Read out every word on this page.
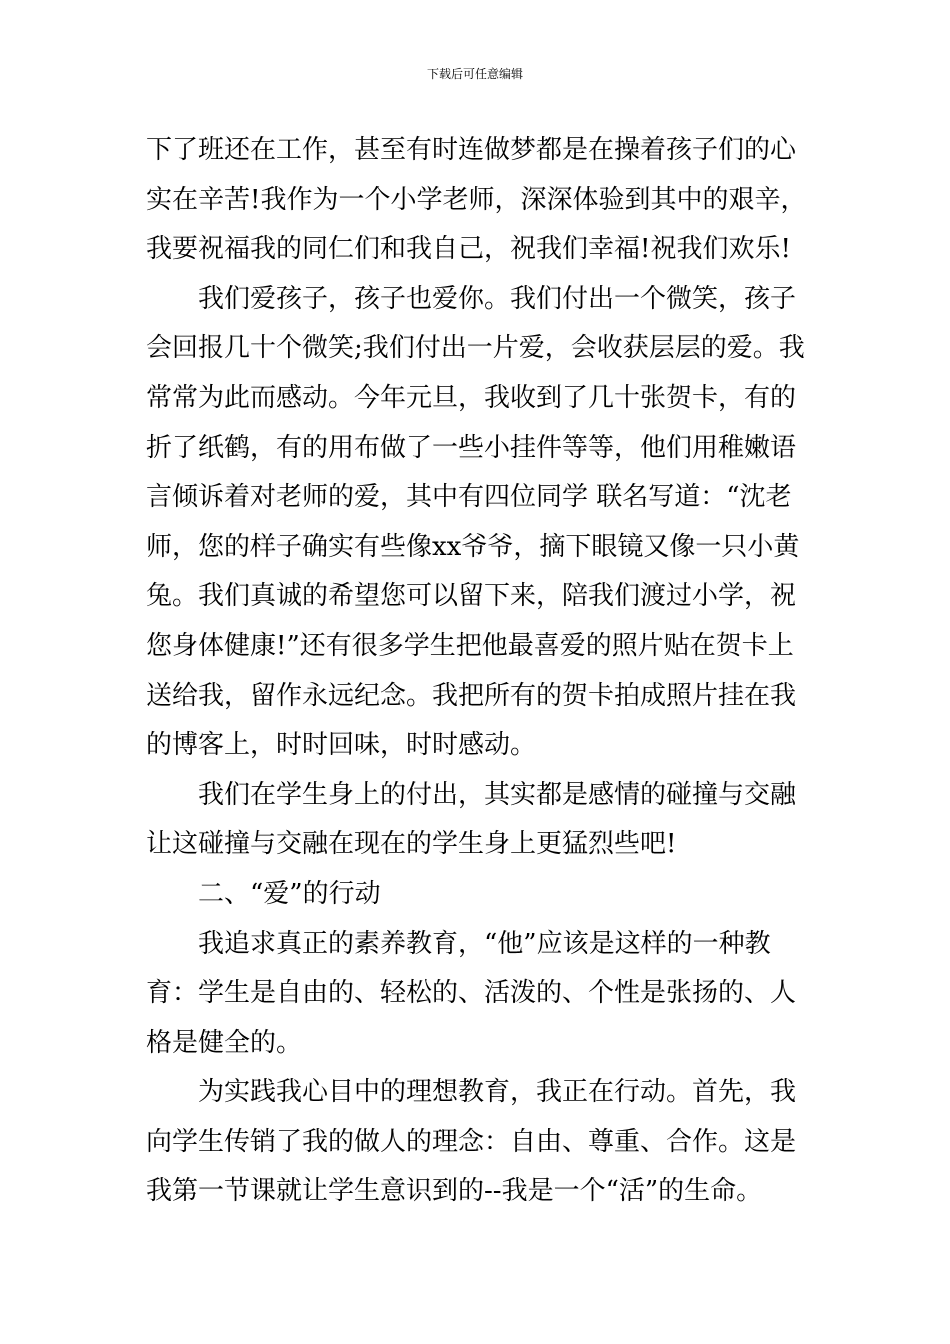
下载后可任意编辑
下了班还在工作，甚至有时连做梦都是在操着孩子们的心
实在辛苦!我作为一个小学老师，深深体验到其中的艰辛，
我要祝福我的同仁们和我自己，祝我们幸福!祝我们欢乐!
我们爱孩子，孩子也爱你。我们付出一个微笑，孩子
会回报几十个微笑;我们付出一片爱，会收获层层的爱。我
常常为此而感动。今年元旦，我收到了几十张贺卡，有的
折了纸鹤，有的用布做了一些小挂件等等，他们用稚嫩语
言倾诉着对老师的爱，其中有四位同学 联名写道：“沈老
师，您的样子确实有些像xx爷爷，摘下眼镜又像一只小黄
兔。我们真诚的希望您可以留下来，陪我们渡过小学，祝
您身体健康!”还有很多学生把他最喜爱的照片贴在贺卡上
送给我，留作永远纪念。我把所有的贺卡拍成照片挂在我
的博客上，时时回味，时时感动。
我们在学生身上的付出，其实都是感情的碰撞与交融
让这碰撞与交融在现在的学生身上更猛烈些吧!
二、“爱”的行动
我追求真正的素养教育，“他”应该是这样的一种教
育：学生是自由的、轻松的、活泼的、个性是张扬的、人
格是健全的。
为实践我心目中的理想教育，我正在行动。首先，我
向学生传销了我的做人的理念：自由、尊重、合作。这是
我第一节课就让学生意识到的--我是一个“活”的生命。
